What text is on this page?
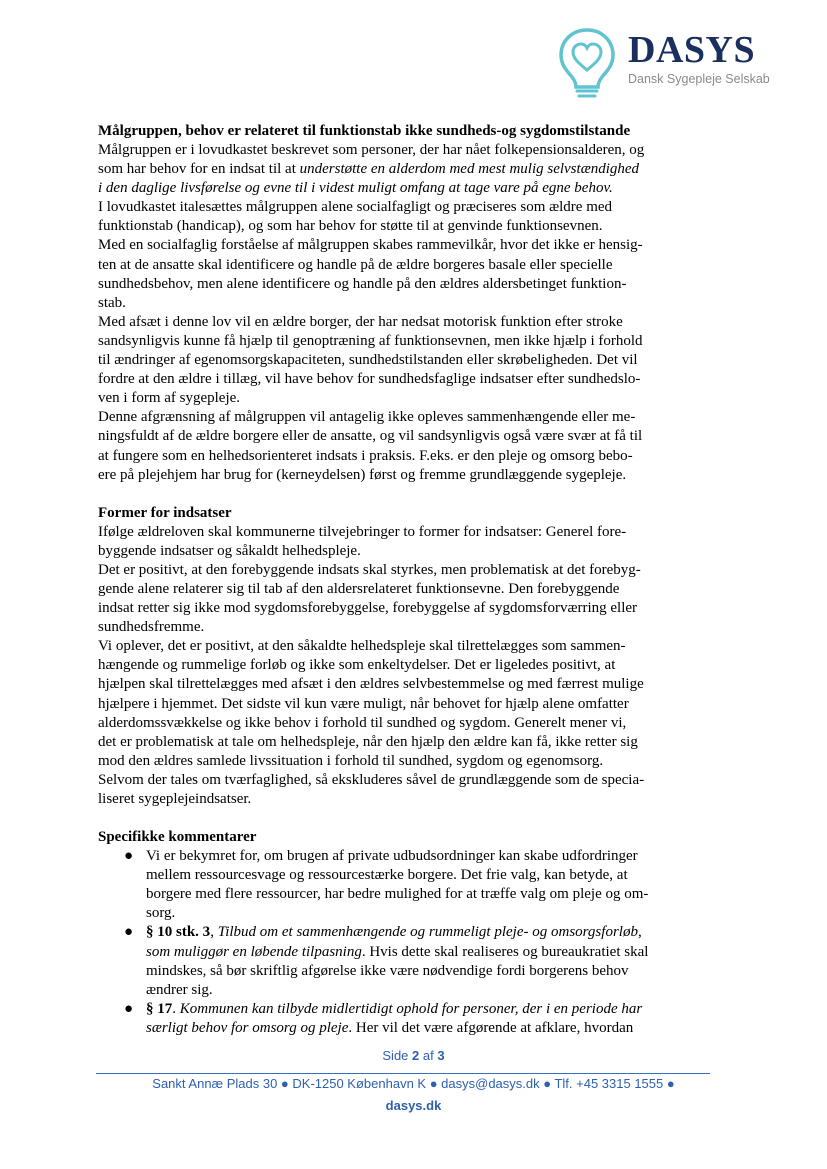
DASYS
Dansk Sygepleje Selskab

Målgruppen, behov er relateret til funktionstab ikke sundheds-og sygdomstilstande

Målgruppen er i lovudkastet beskrevet som personer, der har nået folkepensionsalderen, og

som har behov for en indsat til at understøtte en alderdom med mest mulig selvstændighed

i den daglige livsførelse og evne til i videst muligt omfang at tage vare på egne behov.

I lovudkastet italesættes målgruppen alene socialfagligt og præciseres som ældre med

funktionstab (handicap), og som har behov for støtte til at genvinde funktionsevnen.

Med en socialfaglig forståelse af målgruppen skabes rammevilkår, hvor det ikke er hensig-

ten at de ansatte skal identificere og handle på de ældre borgeres basale eller specielle

sundhedsbehov, men alene identificere og handle på den ældres aldersbetinget funktion-

stab.

Med afsæt i denne lov vil en ældre borger, der har nedsat motorisk funktion efter stroke

sandsynligvis kunne få hjælp til genoptræning af funktionsevnen, men ikke hjælp i forhold

til ændringer af egenomsorgskapaciteten, sundhedstilstanden eller skrøbeligheden. Det vil

fordre at den ældre i tillæg, vil have behov for sundhedsfaglige indsatser efter sundhedslo-

ven i form af sygepleje.

Denne afgrænsning af målgruppen vil antagelig ikke opleves sammenhængende eller me-

ningsfuldt af de ældre borgere eller de ansatte, og vil sandsynligvis også være svær at få til

at fungere som en helhedsorienteret indsats i praksis. F.eks. er den pleje og omsorg bebo-

ere på plejehjem har brug for (kerneydelsen) først og fremme grundlæggende sygepleje.

Former for indsatser

Ifølge ældreloven skal kommunerne tilvejebringer to former for indsatser: Generel fore-

byggende indsatser og såkaldt helhedspleje.

Det er positivt, at den forebyggende indsats skal styrkes, men problematisk at det forebyg-

gende alene relaterer sig til tab af den aldersrelateret funktionsevne. Den forebyggende

indsat retter sig ikke mod sygdomsforebyggelse, forebyggelse af sygdomsforværring eller

sundhedsfremme.

Vi oplever, det er positivt, at den såkaldte helhedspleje skal tilrettelægges som sammen-

hængende og rummelige forløb og ikke som enkeltydelser. Det er ligeledes positivt, at

hjælpen skal tilrettelægges med afsæt i den ældres selvbestemmelse og med færrest mulige

hjælpere i hjemmet. Det sidste vil kun være muligt, når behovet for hjælp alene omfatter

alderdomssvækkelse og ikke behov i forhold til sundhed og sygdom. Generelt mener vi,

det er problematisk at tale om helhedspleje, når den hjælp den ældre kan få, ikke retter sig

mod den ældres samlede livssituation i forhold til sundhed, sygdom og egenomsorg.

Selvom der tales om tværfaglighed, så ekskluderes såvel de grundlæggende som de specia-

liseret sygeplejeindsatser.

Specifikke kommentarer

● Vi er bekymret for, om brugen af private udbudsordninger kan skabe udfordringer

mellem ressourcesvage og ressourcestærke borgere. Det frie valg, kan betyde, at

borgere med flere ressourcer, har bedre mulighed for at træffe valg om pleje og om-

sorg.

● § 10 stk. 3, Tilbud om et sammenhængende og rummeligt pleje- og omsorgsforløb,

som muliggør en løbende tilpasning. Hvis dette skal realiseres og bureaukratiet skal

mindskes, så bør skriftlig afgørelse ikke være nødvendige fordi borgerens behov

ændrer sig.

● § 17. Kommunen kan tilbyde midlertidigt ophold for personer, der i en periode har

særligt behov for omsorg og pleje. Her vil det være afgørende at afklare, hvordan

Side 2 af 3
Sankt Annæ Plads 30 ● DK-1250 København K ● dasys@dasys.dk ● Tlf. +45 3315 1555 ●
dasys.dk
